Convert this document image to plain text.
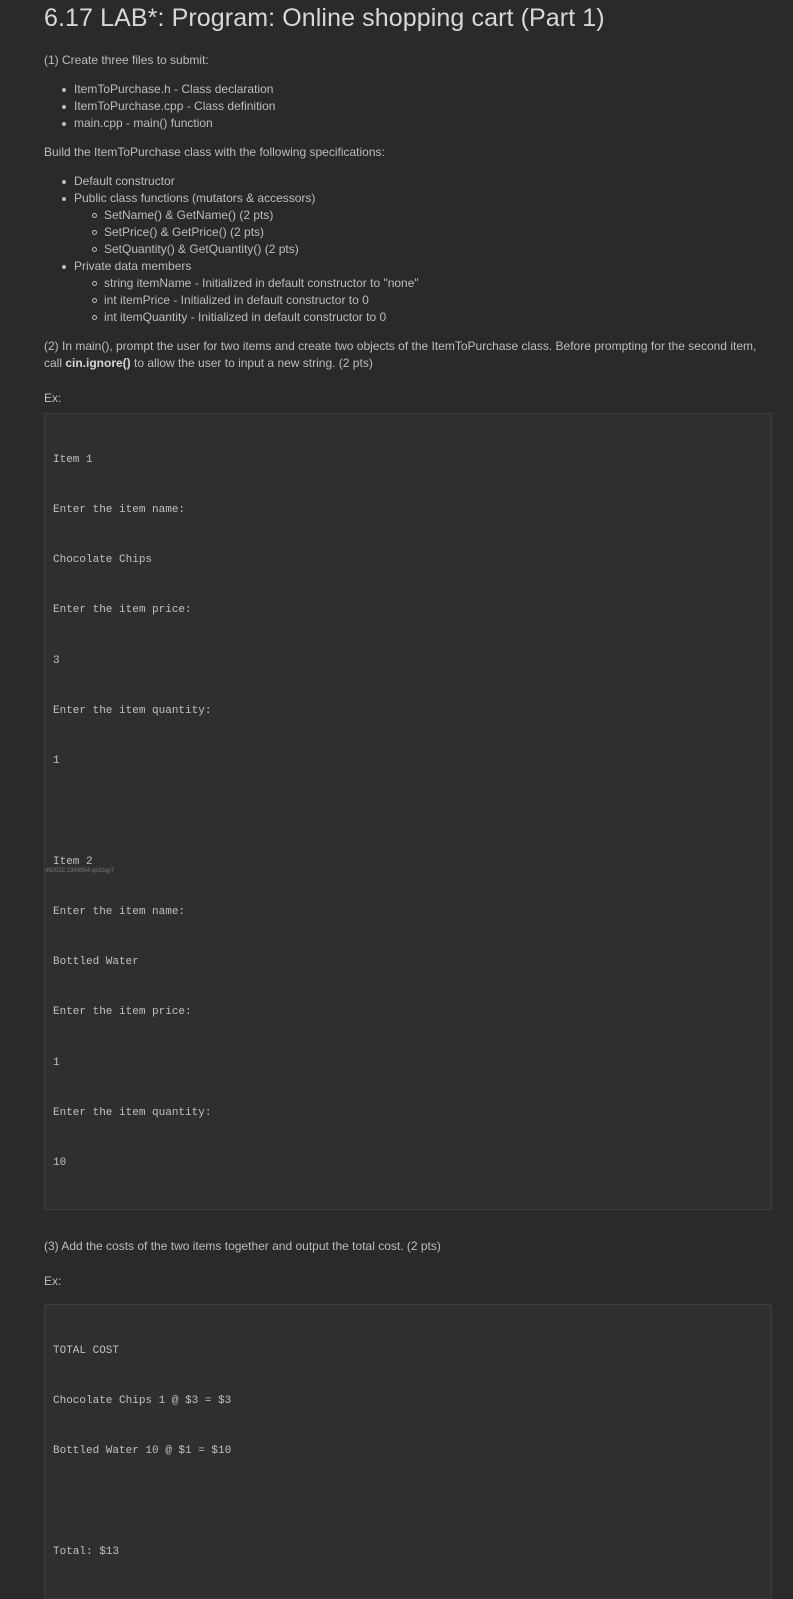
6.17 LAB*: Program: Online shopping cart (Part 1)

(1) Create three files to submit:

ItemToPurchase.h - Class declaration
ItemToPurchase.cpp - Class definition
main.cpp - main() function

Build the ItemToPurchase class with the following specifications:

Default constructor
Public class functions (mutators & accessors)
SetName() & GetName() (2 pts)
SetPrice() & GetPrice() (2 pts)
SetQuantity() & GetQuantity() (2 pts)
Private data members
string itemName - Initialized in default constructor to "none"
int itemPrice - Initialized in default constructor to 0
int itemQuantity - Initialized in default constructor to 0

(2) In main(), prompt the user for two items and create two objects of the ItemToPurchase class. Before prompting for the second item, call cin.ignore() to allow the user to input a new string. (2 pts)

Ex:

Item 1

Enter the item name:

Chocolate Chips

Enter the item price:

3

Enter the item quantity:

1

Item 2

Enter the item name:

Bottled Water

Enter the item price:

1

Enter the item quantity:

10

(3) Add the costs of the two items together and output the total cost. (2 pts)

Ex:

TOTAL COST

Chocolate Chips 1 @ $3 = $3

Bottled Water 10 @ $1 = $10

Total: $13

492022.2349954.qx3zqy7
